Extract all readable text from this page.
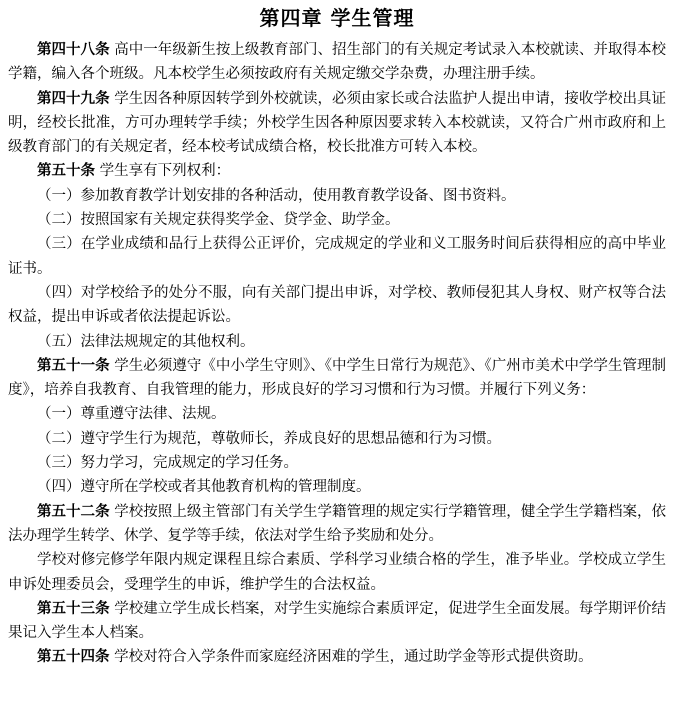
第四章 学生管理

第四十八条 高中一年级新生按上级教育部门、招生部门的有关规定考试录入本校就读、并取得本校学籍，编入各个班级。凡本校学生必须按政府有关规定缴交学杂费，办理注册手续。

第四十九条 学生因各种原因转学到外校就读，必须由家长或合法监护人提出申请，接收学校出具证明，经校长批准，方可办理转学手续；外校学生因各种原因要求转入本校就读，又符合广州市政府和上级教育部门的有关规定者，经本校考试成绩合格，校长批准方可转入本校。

第五十条 学生享有下列权利：

（一）参加教育教学计划安排的各种活动，使用教育教学设备、图书资料。

（二）按照国家有关规定获得奖学金、贷学金、助学金。

（三）在学业成绩和品行上获得公正评价，完成规定的学业和义工服务时间后获得相应的高中毕业证书。

（四）对学校给予的处分不服，向有关部门提出申诉，对学校、教师侵犯其人身权、财产权等合法权益，提出申诉或者依法提起诉讼。

（五）法律法规规定的其他权利。

第五十一条 学生必须遵守《中小学生守则》、《中学生日常行为规范》、《广州市美术中学学生管理制度》，培养自我教育、自我管理的能力，形成良好的学习习惯和行为习惯。并履行下列义务：

（一）尊重遵守法律、法规。

（二）遵守学生行为规范，尊敬师长，养成良好的思想品德和行为习惯。

（三）努力学习，完成规定的学习任务。

（四）遵守所在学校或者其他教育机构的管理制度。

第五十二条 学校按照上级主管部门有关学生学籍管理的规定实行学籍管理，健全学生学籍档案，依法办理学生转学、休学、复学等手续，依法对学生给予奖励和处分。

学校对修完修学年限内规定课程且综合素质、学科学习业绩合格的学生，准予毕业。学校成立学生申诉处理委员会，受理学生的申诉，维护学生的合法权益。

第五十三条 学校建立学生成长档案，对学生实施综合素质评定，促进学生全面发展。每学期评价结果记入学生本人档案。

第五十四条 学校对符合入学条件而家庭经济困难的学生，通过助学金等形式提供资助。
